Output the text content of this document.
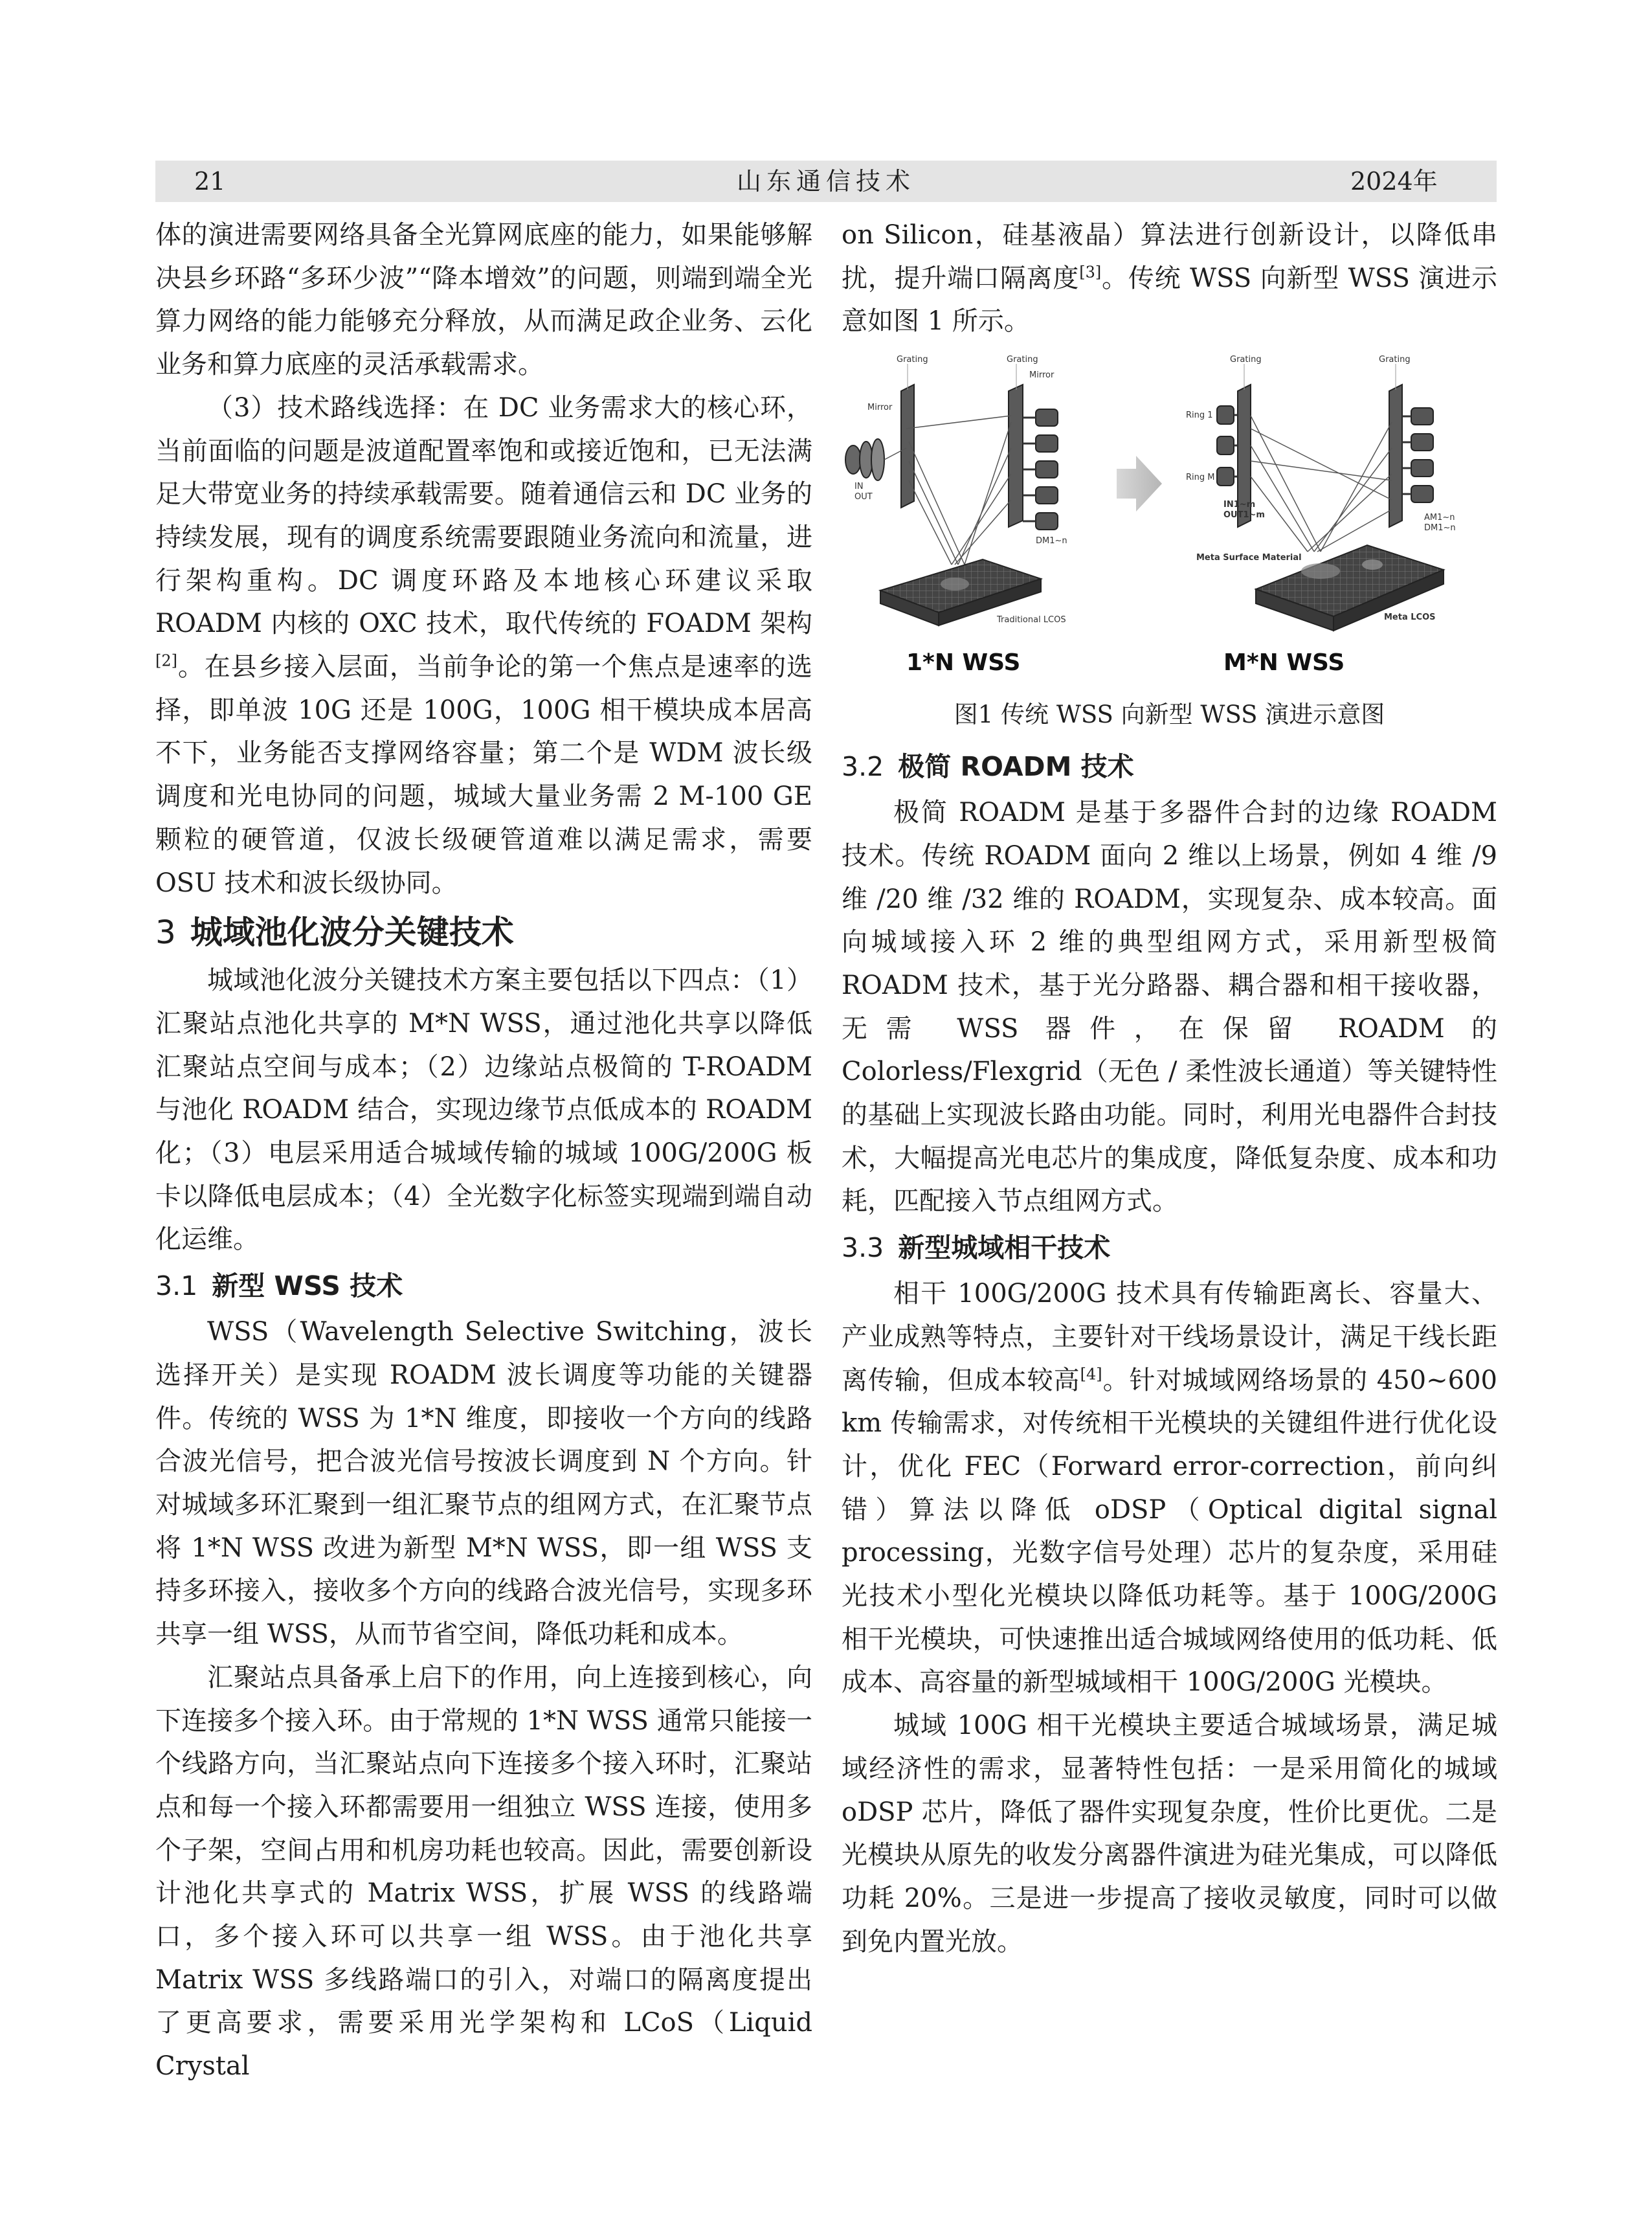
21	山东通信技术	2024年

体的演进需要网络具备全光算网底座的能力，如果能够解决县乡环路“多环少波”“降本增效”的问题，则端到端全光算力网络的能力能够充分释放，从而满足政企业务、云化业务和算力底座的灵活承载需求。

（3）技术路线选择：在 DC 业务需求大的核心环，当前面临的问题是波道配置率饱和或接近饱和，已无法满足大带宽业务的持续承载需要。随着通信云和 DC 业务的持续发展，现有的调度系统需要跟随业务流向和流量，进行架构重构。DC 调度环路及本地核心环建议采取 ROADM 内核的 OXC 技术，取代传统的 FOADM 架构[2]。在县乡接入层面，当前争论的第一个焦点是速率的选择，即单波 10G 还是 100G，100G 相干模块成本居高不下，业务能否支撑网络容量；第二个是 WDM 波长级调度和光电协同的问题，城域大量业务需 2 M-100 GE 颗粒的硬管道，仅波长级硬管道难以满足需求，需要 OSU 技术和波长级协同。

3 城域池化波分关键技术

城域池化波分关键技术方案主要包括以下四点：（1）汇聚站点池化共享的 M*N WSS，通过池化共享以降低汇聚站点空间与成本；（2）边缘站点极简的 T-ROADM 与池化 ROADM 结合，实现边缘节点低成本的 ROADM 化；（3）电层采用适合城域传输的城域 100G/200G 板卡以降低电层成本；（4）全光数字化标签实现端到端自动化运维。

3.1 新型 WSS 技术

WSS（Wavelength Selective Switching，波长选择开关）是实现 ROADM 波长调度等功能的关键器件。传统的 WSS 为 1*N 维度，即接收一个方向的线路合波光信号，把合波光信号按波长调度到 N 个方向。针对城域多环汇聚到一组汇聚节点的组网方式，在汇聚节点将 1*N WSS 改进为新型 M*N WSS，即一组 WSS 支持多环接入，接收多个方向的线路合波光信号，实现多环共享一组 WSS，从而节省空间，降低功耗和成本。

汇聚站点具备承上启下的作用，向上连接到核心，向下连接多个接入环。由于常规的 1*N WSS 通常只能接一个线路方向，当汇聚站点向下连接多个接入环时，汇聚站点和每一个接入环都需要用一组独立 WSS 连接，使用多个子架，空间占用和机房功耗也较高。因此，需要创新设计池化共享式的 Matrix WSS，扩展 WSS 的线路端口，多个接入环可以共享一组 WSS。由于池化共享 Matrix WSS 多线路端口的引入，对端口的隔离度提出了更高要求，需要采用光学架构和 LCoS（Liquid Crystal

on Silicon，硅基液晶）算法进行创新设计，以降低串扰，提升端口隔离度[3]。传统 WSS 向新型 WSS 演进示意如图 1 所示。

Grating	Grating
Mirror
Mirror
IN
OUT
DM1~n
Traditional LCOS
Grating	Grating
Ring 1
Ring M
IN1~m
OUT1~m	AM1~n
DM1~n
Meta Surface Material
Meta LCOS
1*N WSS	M*N WSS
图1 传统 WSS 向新型 WSS 演进示意图
3.2 极简 ROADM 技术

极简 ROADM 是基于多器件合封的边缘 ROADM 技术。传统 ROADM 面向 2 维以上场景，例如 4 维 /9 维 /20 维 /32 维的 ROADM，实现复杂、成本较高。面向城域接入环 2 维的典型组网方式，采用新型极简 ROADM 技术，基于光分路器、耦合器和相干接收器，无需 WSS 器件，在保留 ROADM 的 Colorless/Flexgrid（无色 / 柔性波长通道）等关键特性的基础上实现波长路由功能。同时，利用光电器件合封技术，大幅提高光电芯片的集成度，降低复杂度、成本和功耗，匹配接入节点组网方式。

3.3 新型城域相干技术

相干 100G/200G 技术具有传输距离长、容量大、产业成熟等特点，主要针对干线场景设计，满足干线长距离传输，但成本较高[4]。针对城域网络场景的 450~600 km 传输需求，对传统相干光模块的关键组件进行优化设计，优化 FEC（Forward error-correction，前向纠错）算法以降低 oDSP（Optical digital signal processing，光数字信号处理）芯片的复杂度，采用硅光技术小型化光模块以降低功耗等。基于 100G/200G 相干光模块，可快速推出适合城域网络使用的低功耗、低成本、高容量的新型城域相干 100G/200G 光模块。

城域 100G 相干光模块主要适合城域场景，满足城域经济性的需求，显著特性包括：一是采用简化的城域 oDSP 芯片，降低了器件实现复杂度，性价比更优。二是光模块从原先的收发分离器件演进为硅光集成，可以降低功耗 20%。三是进一步提高了接收灵敏度，同时可以做到免内置光放。
